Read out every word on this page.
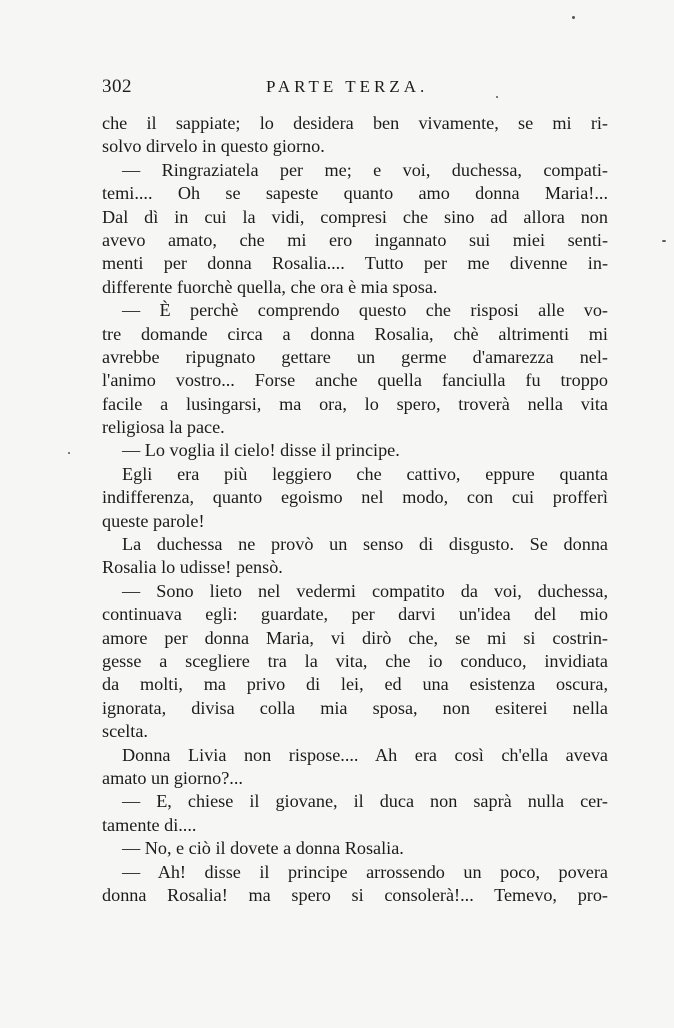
302	PARTE TERZA.
che il sappiate; lo desidera ben vivamente, se mi ri-
solvo dirvelo in questo giorno.
— Ringraziatela per me; e voi, duchessa, compati-
temi.... Oh se sapeste quanto amo donna Maria!...
Dal dì in cui la vidi, compresi che sino ad allora non
avevo amato, che mi ero ingannato sui miei senti-
menti per donna Rosalia.... Tutto per me divenne in-
differente fuorchè quella, che ora è mia sposa.
— È perchè comprendo questo che risposi alle vo-
tre domande circa a donna Rosalia, chè altrimenti mi
avrebbe ripugnato gettare un germe d'amarezza nel-
l'animo vostro... Forse anche quella fanciulla fu troppo
facile a lusingarsi, ma ora, lo spero, troverà nella vita
religiosa la pace.
— Lo voglia il cielo! disse il principe.
Egli era più leggiero che cattivo, eppure quanta
indifferenza, quanto egoismo nel modo, con cui profferì
queste parole!
La duchessa ne provò un senso di disgusto. Se donna
Rosalia lo udisse! pensò.
— Sono lieto nel vedermi compatito da voi, duchessa,
continuava egli: guardate, per darvi un'idea del mio
amore per donna Maria, vi dirò che, se mi si costrin-
gesse a scegliere tra la vita, che io conduco, invidiata
da molti, ma privo di lei, ed una esistenza oscura,
ignorata, divisa colla mia sposa, non esiterei nella
scelta.
Donna Livia non rispose.... Ah era così ch'ella aveva
amato un giorno?...
— E, chiese il giovane, il duca non saprà nulla cer-
tamente di....
— No, e ciò il dovete a donna Rosalia.
— Ah! disse il principe arrossendo un poco, povera
donna Rosalia! ma spero si consolerà!... Temevo, pro-
